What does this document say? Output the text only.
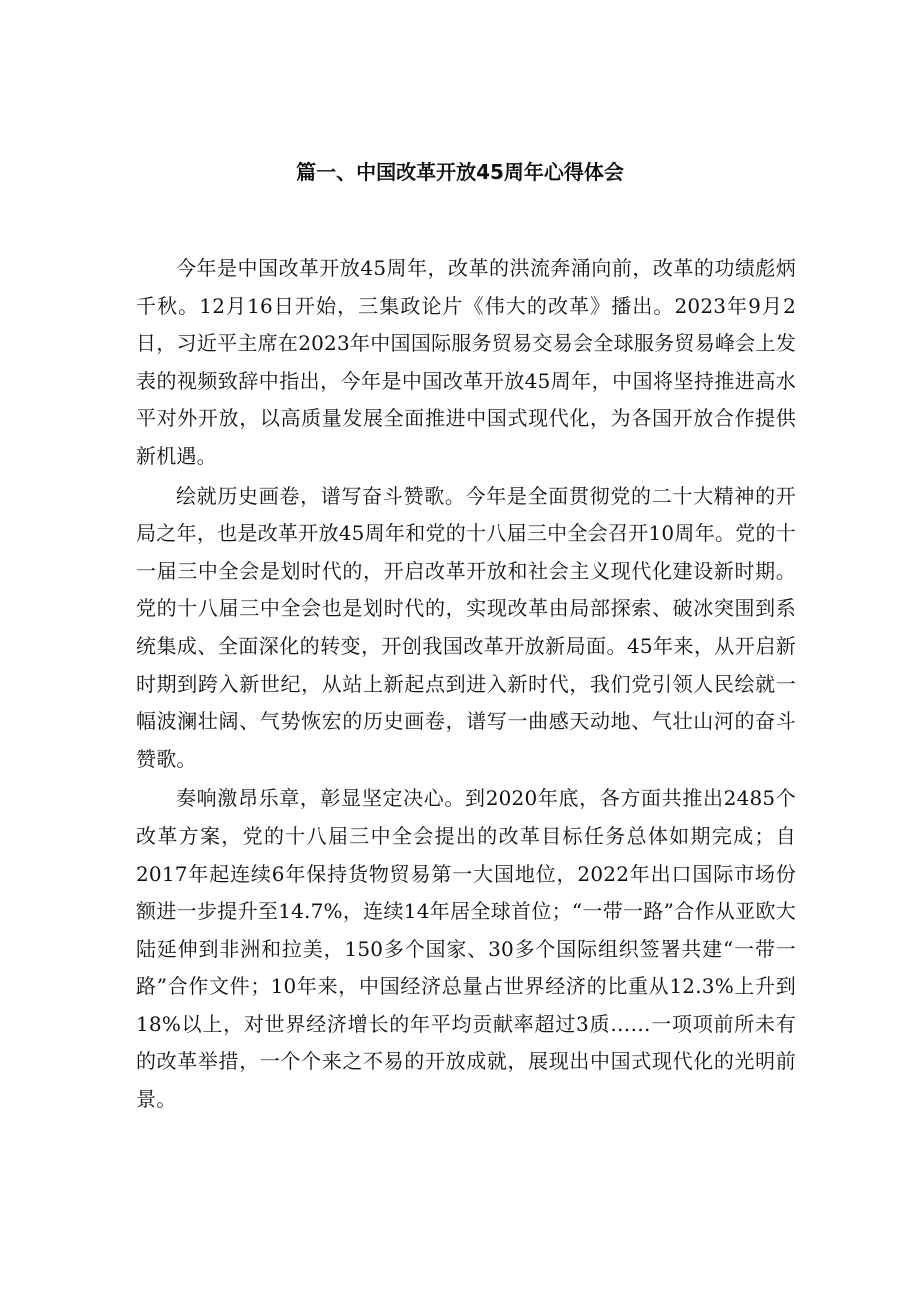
篇一、中国改革开放45周年心得体会

今年是中国改革开放45周年，改革的洪流奔涌向前，改革的功绩彪炳千秋。12月16日开始，三集政论片《伟大的改革》播出。2023年9月2日，习近平主席在2023年中国国际服务贸易交易会全球服务贸易峰会上发表的视频致辞中指出，今年是中国改革开放45周年，中国将坚持推进高水平对外开放，以高质量发展全面推进中国式现代化，为各国开放合作提供新机遇。

绘就历史画卷，谱写奋斗赞歌。今年是全面贯彻党的二十大精神的开局之年，也是改革开放45周年和党的十八届三中全会召开10周年。党的十一届三中全会是划时代的，开启改革开放和社会主义现代化建设新时期。党的十八届三中全会也是划时代的，实现改革由局部探索、破冰突围到系统集成、全面深化的转变，开创我国改革开放新局面。45年来，从开启新时期到跨入新世纪，从站上新起点到进入新时代，我们党引领人民绘就一幅波澜壮阔、气势恢宏的历史画卷，谱写一曲感天动地、气壮山河的奋斗赞歌。

奏响激昂乐章，彰显坚定决心。到2020年底，各方面共推出2485个改革方案，党的十八届三中全会提出的改革目标任务总体如期完成；自2017年起连续6年保持货物贸易第一大国地位，2022年出口国际市场份额进一步提升至14.7%，连续14年居全球首位；“一带一路”合作从亚欧大陆延伸到非洲和拉美，150多个国家、30多个国际组织签署共建“一带一路”合作文件；10年来，中国经济总量占世界经济的比重从12.3%上升到18%以上，对世界经济增长的年平均贡献率超过3质……一项项前所未有的改革举措，一个个来之不易的开放成就，展现出中国式现代化的光明前景。
